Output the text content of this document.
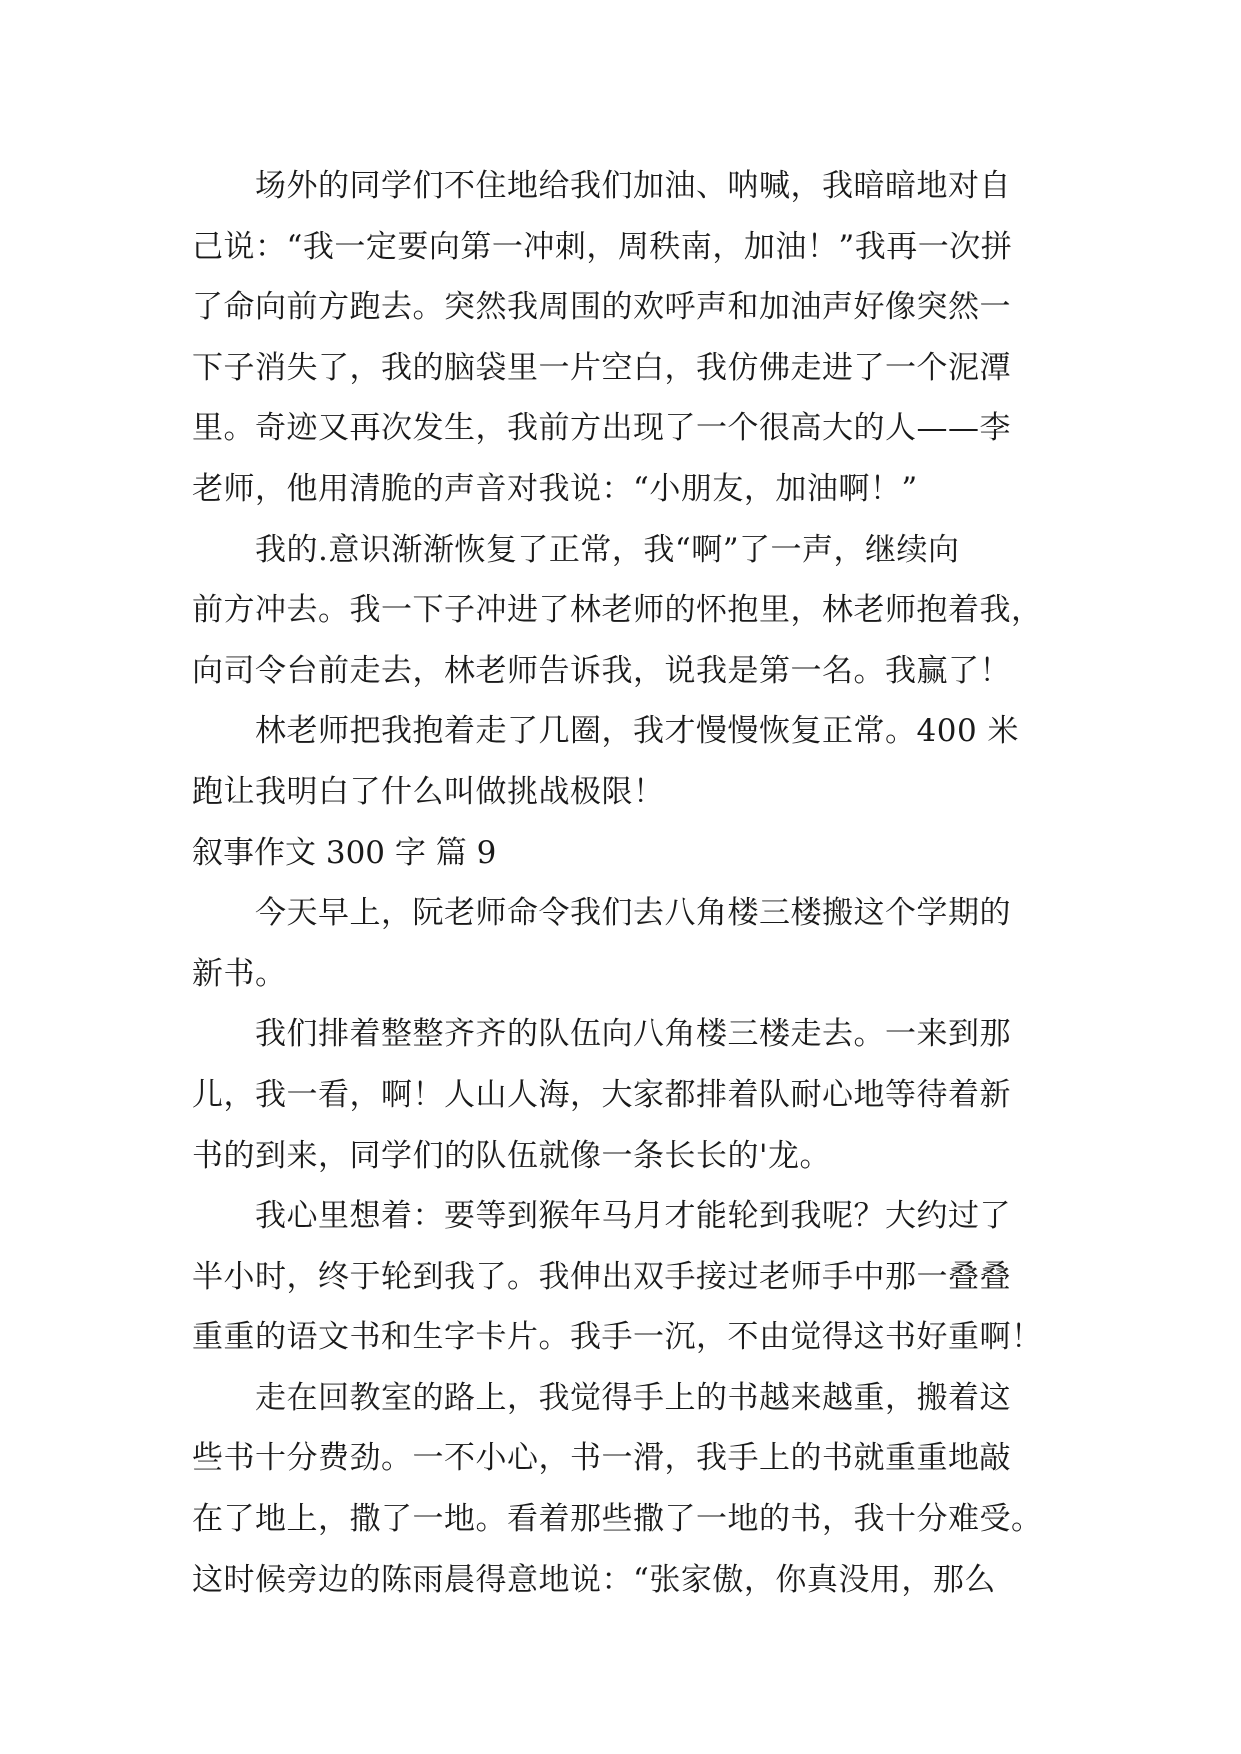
场外的同学们不住地给我们加油、呐喊，我暗暗地对自
己说：“我一定要向第一冲刺，周秩南，加油！”我再一次拼
了命向前方跑去。突然我周围的欢呼声和加油声好像突然一
下子消失了，我的脑袋里一片空白，我仿佛走进了一个泥潭
里。奇迹又再次发生，我前方出现了一个很高大的人——李
老师，他用清脆的声音对我说：“小朋友，加油啊！”
我的.意识渐渐恢复了正常，我“啊”了一声，继续向
前方冲去。我一下子冲进了林老师的怀抱里，林老师抱着我，
向司令台前走去，林老师告诉我，说我是第一名。我赢了！
林老师把我抱着走了几圈，我才慢慢恢复正常。400 米
跑让我明白了什么叫做挑战极限！
叙事作文 300 字 篇 9
今天早上，阮老师命令我们去八角楼三楼搬这个学期的
新书。
我们排着整整齐齐的队伍向八角楼三楼走去。一来到那
儿，我一看，啊！人山人海，大家都排着队耐心地等待着新
书的到来，同学们的队伍就像一条长长的'龙。
我心里想着：要等到猴年马月才能轮到我呢？大约过了
半小时，终于轮到我了。我伸出双手接过老师手中那一叠叠
重重的语文书和生字卡片。我手一沉，不由觉得这书好重啊！
走在回教室的路上，我觉得手上的书越来越重，搬着这
些书十分费劲。一不小心，书一滑，我手上的书就重重地敲
在了地上，撒了一地。看着那些撒了一地的书，我十分难受。
这时候旁边的陈雨晨得意地说：“张家傲，你真没用，那么
